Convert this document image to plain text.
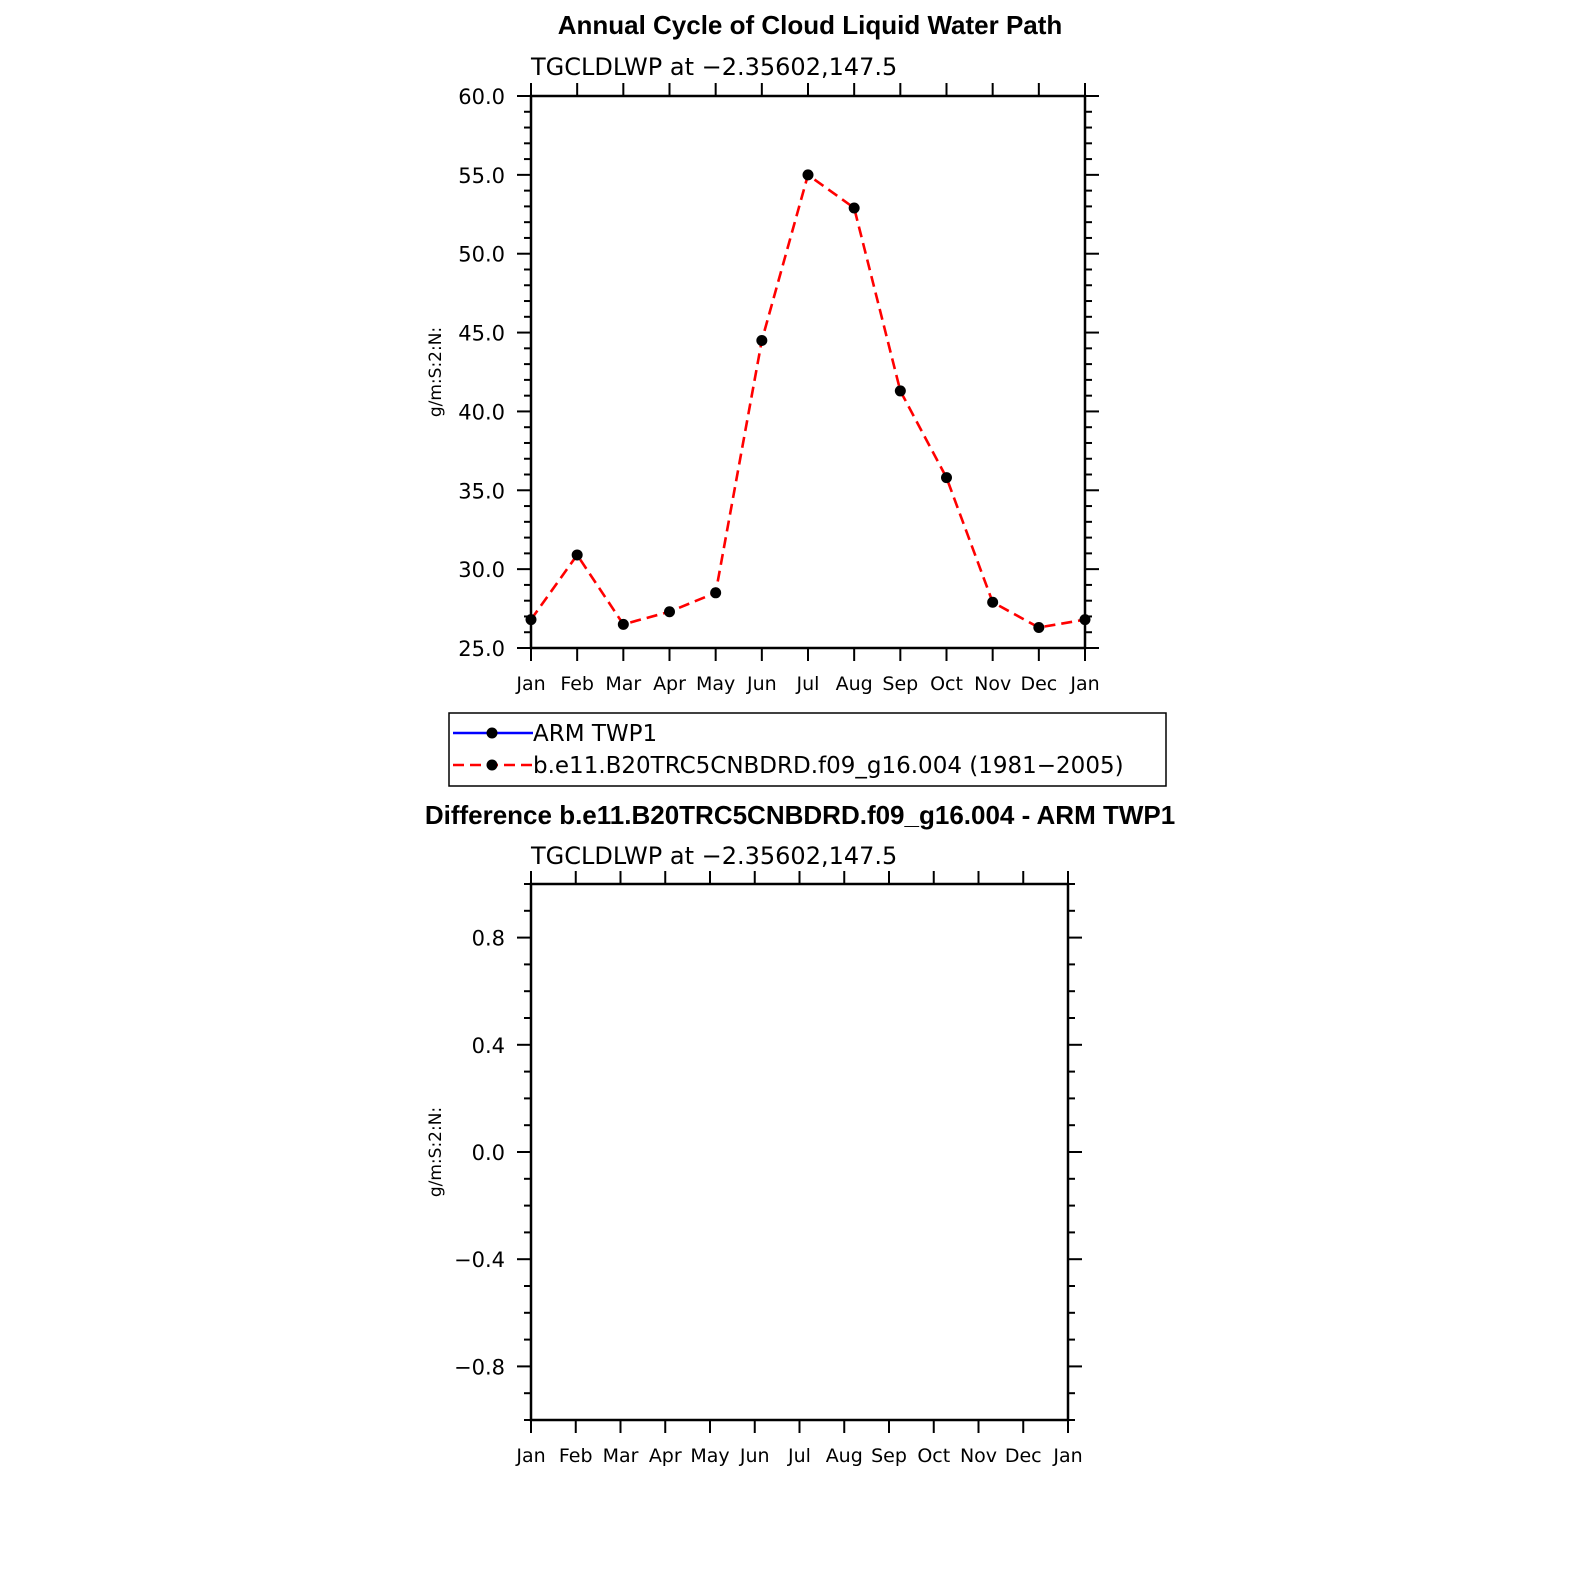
Annual Cycle of Cloud Liquid Water Path
TGCLDLWP at −2.35602,147.5
g/m:S:2:N:
25.0
30.0
35.0
40.0
45.0
50.0
55.0
60.0
Jan Feb Mar Apr May Jun Jul Aug Sep Oct Nov Dec Jan
ARM TWP1
b.e11.B20TRC5CNBDRD.f09_g16.004 (1981−2005)
Difference b.e11.B20TRC5CNBDRD.f09_g16.004 - ARM TWP1
TGCLDLWP at −2.35602,147.5
g/m:S:2:N:
−0.8
−0.4
0.0
0.4
0.8
Jan Feb Mar Apr May Jun Jul Aug Sep Oct Nov Dec Jan
